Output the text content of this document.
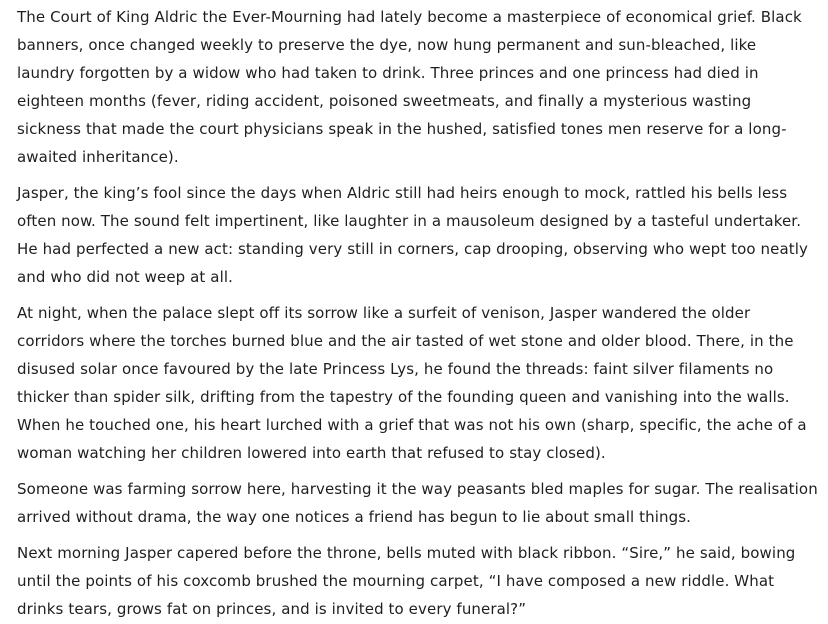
The Court of King Aldric the Ever-Mourning had lately become a masterpiece of economical grief. Black
banners, once changed weekly to preserve the dye, now hung permanent and sun-bleached, like
laundry forgotten by a widow who had taken to drink. Three princes and one princess had died in
eighteen months (fever, riding accident, poisoned sweetmeats, and finally a mysterious wasting
sickness that made the court physicians speak in the hushed, satisfied tones men reserve for a long-
awaited inheritance).

Jasper, the king’s fool since the days when Aldric still had heirs enough to mock, rattled his bells less
often now. The sound felt impertinent, like laughter in a mausoleum designed by a tasteful undertaker.
He had perfected a new act: standing very still in corners, cap drooping, observing who wept too neatly
and who did not weep at all.

At night, when the palace slept off its sorrow like a surfeit of venison, Jasper wandered the older
corridors where the torches burned blue and the air tasted of wet stone and older blood. There, in the
disused solar once favoured by the late Princess Lys, he found the threads: faint silver filaments no
thicker than spider silk, drifting from the tapestry of the founding queen and vanishing into the walls.
When he touched one, his heart lurched with a grief that was not his own (sharp, specific, the ache of a
woman watching her children lowered into earth that refused to stay closed).

Someone was farming sorrow here, harvesting it the way peasants bled maples for sugar. The realisation
arrived without drama, the way one notices a friend has begun to lie about small things.

Next morning Jasper capered before the throne, bells muted with black ribbon. “Sire,” he said, bowing
until the points of his coxcomb brushed the mourning carpet, “I have composed a new riddle. What
drinks tears, grows fat on princes, and is invited to every funeral?”
